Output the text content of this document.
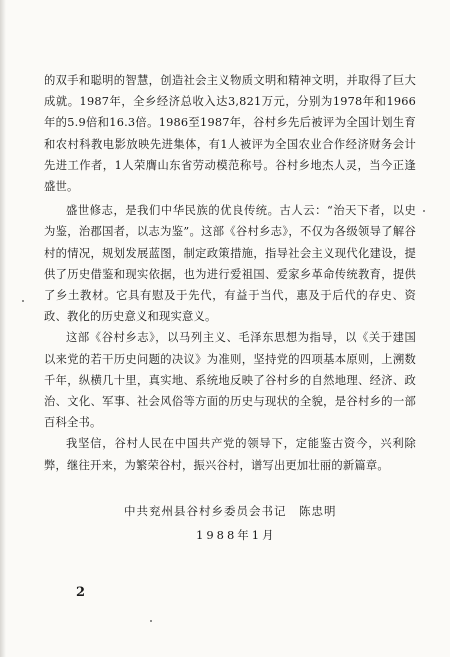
的双手和聪明的智慧，创造社会主义物质文明和精神文明，并取得了巨大成就。1987年，全乡经济总收入达3,821万元，分别为1978年和1966年的5.9倍和16.3倍。1986至1987年，谷村乡先后被评为全国计划生育和农村科教电影放映先进集体，有1人被评为全国农业合作经济财务会计先进工作者，1人荣膺山东省劳动模范称号。谷村乡地杰人灵，当今正逢盛世。

盛世修志，是我们中华民族的优良传统。古人云：“治天下者，以史为鉴，治郡国者，以志为鉴”。这部《谷村乡志》，不仅为各级领导了解谷村的情况，规划发展蓝图，制定政策措施，指导社会主义现代化建设，提供了历史借鉴和现实依据，也为进行爱祖国、爱家乡革命传统教育，提供了乡土教材。它具有慰及于先代，有益于当代，惠及于后代的存史、资政、教化的历史意义和现实意义。

这部《谷村乡志》，以马列主义、毛泽东思想为指导，以《关于建国以来党的若干历史问题的决议》为准则，坚持党的四项基本原则，上溯数千年，纵横几十里，真实地、系统地反映了谷村乡的自然地理、经济、政治、文化、军事、社会风俗等方面的历史与现状的全貌，是谷村乡的一部百科全书。

我坚信，谷村人民在中国共产党的领导下，定能鉴古资今，兴利除弊，继往开来，为繁荣谷村，振兴谷村，谱写出更加壮丽的新篇章。

中共兖州县谷村乡委员会书记　陈忠明
1988年1月
2
